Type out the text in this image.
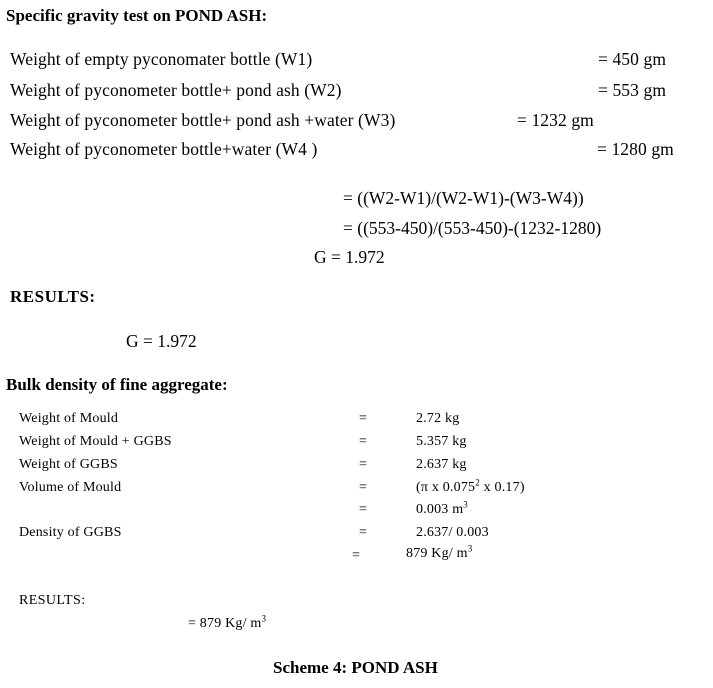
Specific gravity test on POND ASH:
Weight of empty pyconomater bottle (W1)	= 450 gm
Weight of pyconometer bottle+ pond ash (W2)	= 553 gm
Weight of pyconometer bottle+ pond ash +water (W3)	= 1232 gm
Weight of pyconometer bottle+water (W4 )	= 1280 gm
= ((W2-W1)/(W2-W1)-(W3-W4))
= ((553-450)/(553-450)-(1232-1280)
G = 1.972
RESULTS:
G = 1.972
Bulk density of fine aggregate:
Weight of Mould	=	2.72 kg
Weight of Mould + GGBS	=	5.357 kg
Weight of GGBS	=	2.637 kg
Volume of Mould	=	(π x 0.075$^2$ x 0.17)
=	0.003 $m^3$
Density of GGBS	=	2.637/ 0.003
=	879 Kg/ $m^3$
RESULTS:
= 879 Kg/ $m^3$
Scheme 4: POND ASH
